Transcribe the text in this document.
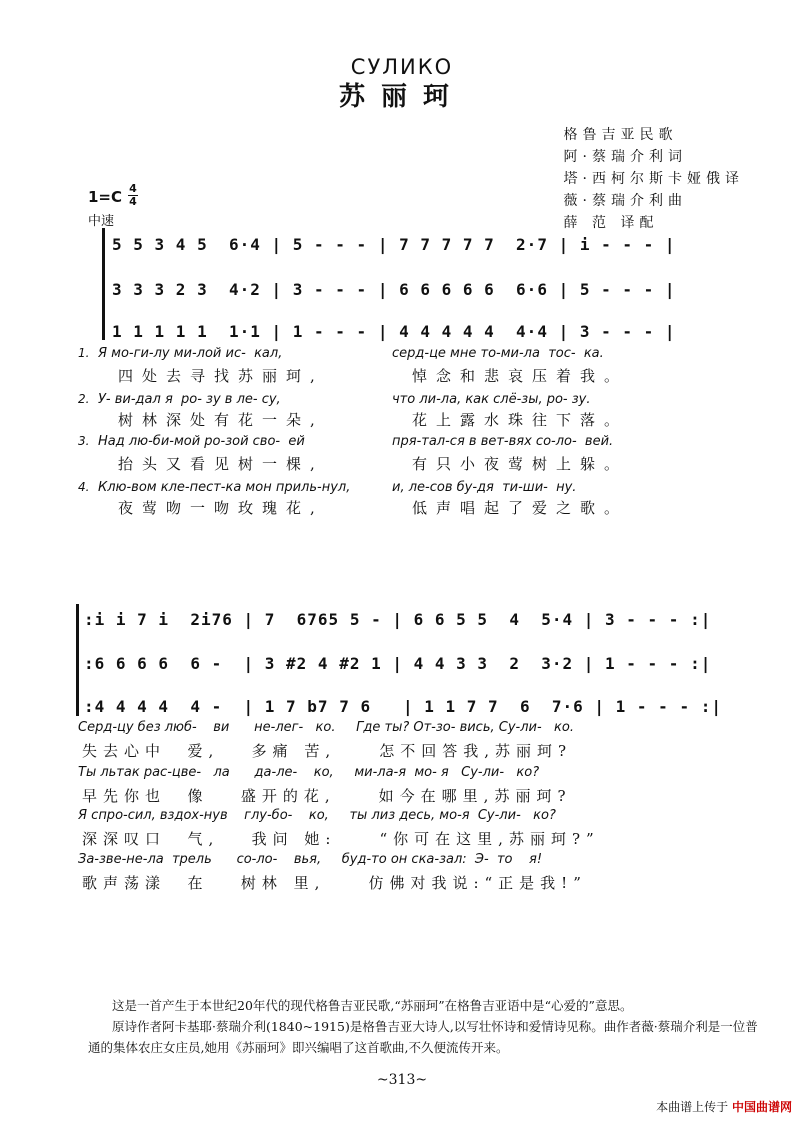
СУЛИКО
苏丽珂
格鲁吉亚民歌
阿·蔡瑞介利词
塔·西柯尔斯卡娅俄译
薇·蔡瑞介利曲
薛 范 译配
1=C 4
4
中速
5 5 3 4 5  6·4 | 5 - - - | 7 7 7 7 7  2·7 | i - - - |
3 3 3 2 3  4·2 | 3 - - - | 6 6 6 6 6  6·6 | 5 - - - |
1 1 1 1 1  1·1 | 1 - - - | 4 4 4 4 4  4·4 | 3 - - - |
1. Я мо-ги-лу ми-лой ис-  кал,	серд-це мне то-ми-ла  тос-  ка.
四处去寻找苏丽珂,	悼念和悲哀压着我。
2. У- ви-дал я  ро- зу в ле- су,	что ли-ла, как слё-зы, ро- зу.
树林深处有花一朵,	花上露水珠往下落。
3. Над лю-би-мой ро-зой сво-  ей	пря-тал-ся в вет-вях со-ло-  вей.
抬头又看见树一棵,	有只小夜莺树上躲。
4. Клю-вом кле-пест-ка мон приль-нул,	и, ле-сов бу-дя  ти-ши-  ну.
夜莺吻一吻玫瑰花,	低声唱起了爱之歌。
:i i 7 i  2i76 | 7  6765 5 - | 6 6 5 5  4  5·4 | 3 - - - :|
:6 6 6 6  6 -  | 3 #2 4 #2 1 | 4 4 3 3  2  3·2 | 1 - - - :|
:4 4 4 4  4 -  | 1 7 b7 7 6   | 1 1 7 7  6  7·6 | 1 - - - :|
Серд-цу без люб-    ви      не-лег-   ко.     Где ты? От-зо- вись, Су-ли-   ко.
失去心中  爱,   多痛 苦,    怎不回答我,苏丽珂?
Ты льтак рас-цве-   ла      да-ле-    ко,     ми-ла-я  мо- я   Су-ли-   ко?
早先你也  像   盛开的花,    如今在哪里,苏丽珂?
Я спро-сил, вздох-нув    глу-бо-    ко,     ты лиз десь, мо-я  Су-ли-   ко?
深深叹口  气,   我问 她:    “你可在这里,苏丽珂?”
За-зве-не-ла  трель      со-ло-    вья,     буд-то он ска-зал:  Э-  то    я!
歌声荡漾  在   树林 里,    仿佛对我说:“正是我!”
这是一首产生于本世纪20年代的现代格鲁吉亚民歌,“苏丽珂”在格鲁吉亚语中是“心爱的”意思。
原诗作者阿卡基耶·蔡瑞介利(1840~1915)是格鲁吉亚大诗人,以写壮怀诗和爱情诗见称。曲作者薇·蔡瑞介利是一位普通的集体农庄女庄员,她用《苏丽珂》即兴编唱了这首歌曲,不久便流传开来。
~313~
本曲谱上传于 中国曲谱网
